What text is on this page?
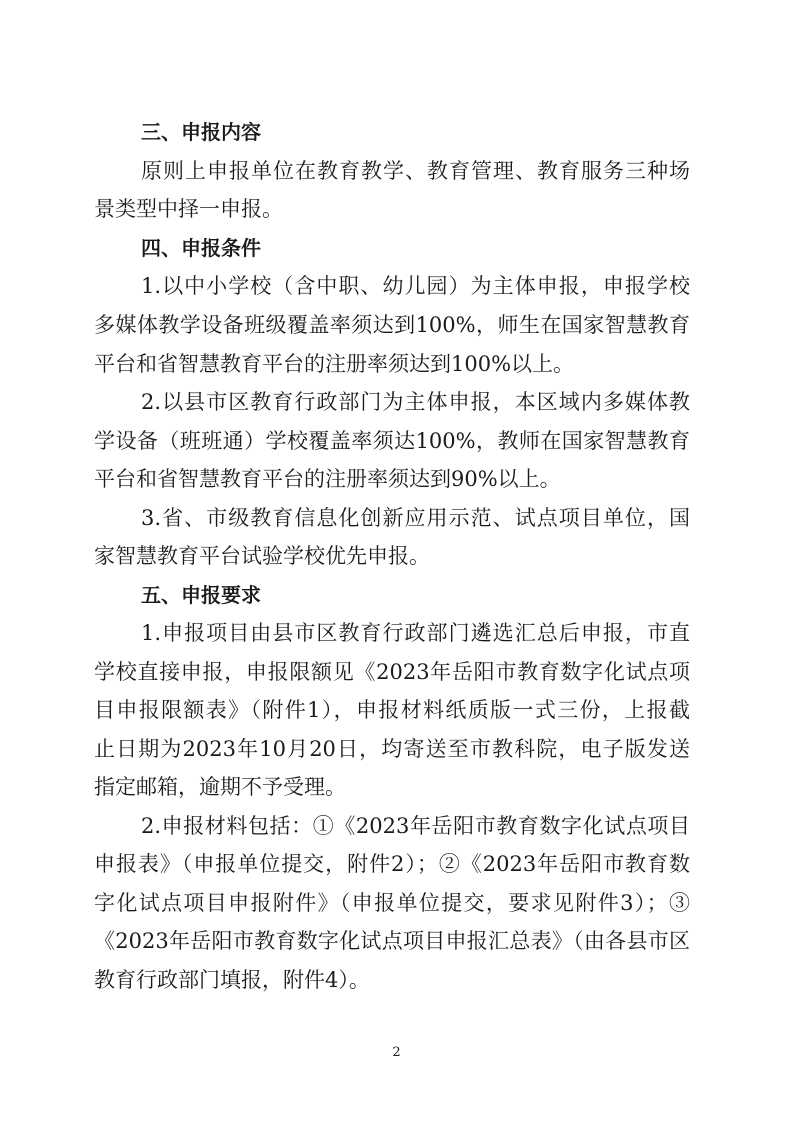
三、申报内容
原则上申报单位在教育教学、教育管理、教育服务三种场
景类型中择一申报。
四、申报条件
1.以中小学校（含中职、幼儿园）为主体申报，申报学校
多媒体教学设备班级覆盖率须达到100%，师生在国家智慧教育
平台和省智慧教育平台的注册率须达到100%以上。
2.以县市区教育行政部门为主体申报，本区域内多媒体教
学设备（班班通）学校覆盖率须达100%，教师在国家智慧教育
平台和省智慧教育平台的注册率须达到90%以上。
3.省、市级教育信息化创新应用示范、试点项目单位，国
家智慧教育平台试验学校优先申报。
五、申报要求
1.申报项目由县市区教育行政部门遴选汇总后申报，市直
学校直接申报，申报限额见《2023年岳阳市教育数字化试点项
目申报限额表》（附件1），申报材料纸质版一式三份，上报截
止日期为2023年10月20日，均寄送至市教科院，电子版发送
指定邮箱，逾期不予受理。
2.申报材料包括：①《2023年岳阳市教育数字化试点项目
申报表》（申报单位提交，附件2）；②《2023年岳阳市教育数
字化试点项目申报附件》（申报单位提交，要求见附件3）；③
《2023年岳阳市教育数字化试点项目申报汇总表》（由各县市区
教育行政部门填报，附件4）。
2
